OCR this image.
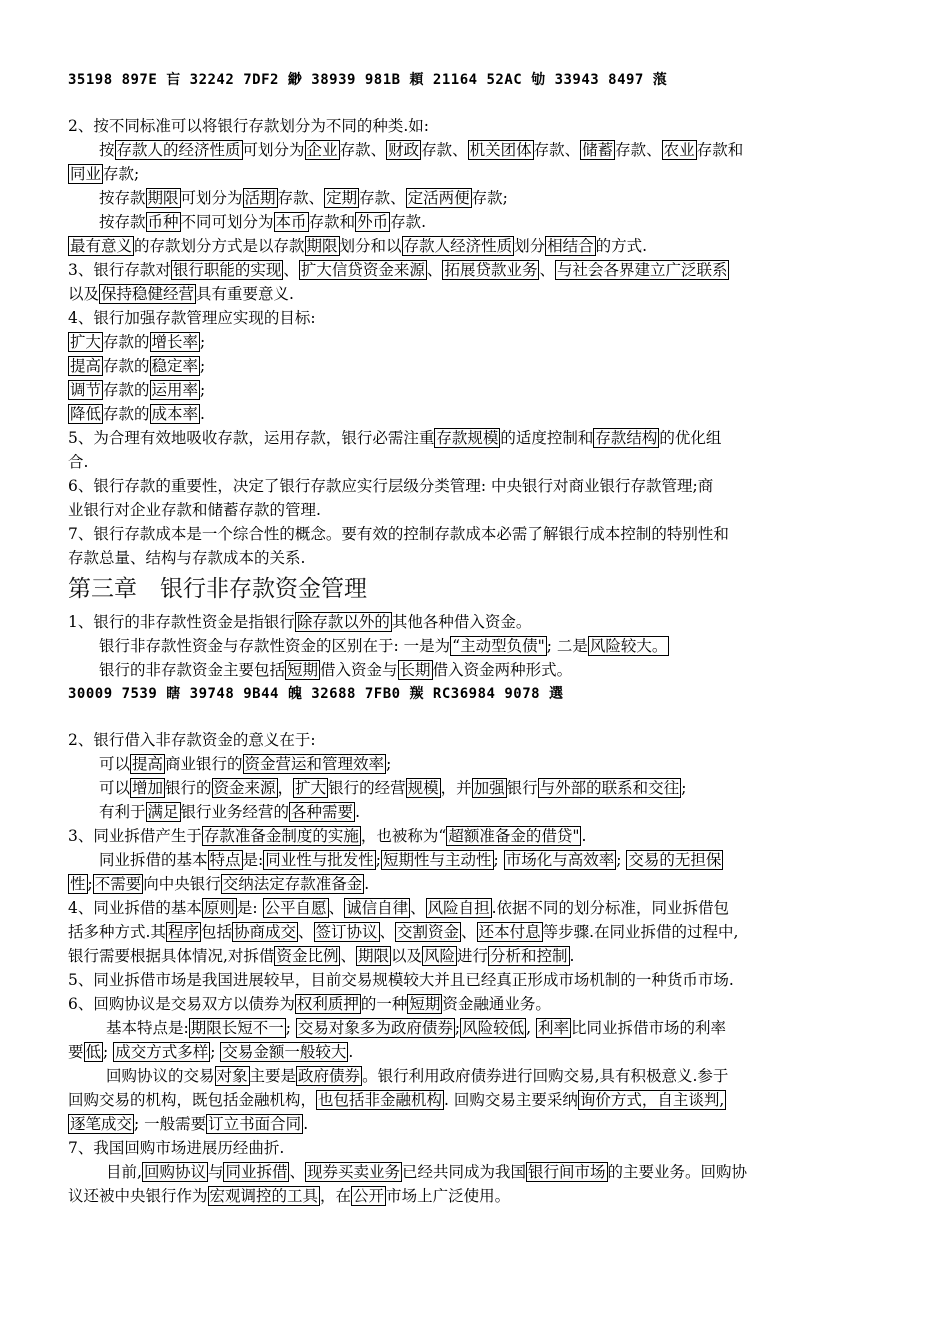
35198 897E 吂 32242 7DF2 緲 38939 981B 頛 21164 52AC 劬 33943 8497 蒗
2、按不同标准可以将银行存款划分为不同的种类.如:
按 存款人的经济性质 可划分为 企业 存款、 财政 存款、 机关团体 存款、 储蓄 存款、 农业 存款和
同业 存款;
按存款 期限 可划分为 活期 存款、 定期 存款、 定活两便 存款;
按存款 币种 不同可划分为 本币 存款和 外币 存款.
最有意义 的存款划分方式是以存款 期限 划分和以 存款人经济性质 划分 相结合 的方式.
3、银行存款对 银行职能的实现 、 扩大信贷资金来源 、 拓展贷款业务 、 与社会各界建立广泛联系
以及 保持稳健经营 具有重要意义.
4、银行加强存款管理应实现的目标:
扩大 存款的 增长率 ;
提高 存款的 稳定率 ;
调节 存款的 运用率 ;
降低 存款的 成本率 .
5、为合理有效地吸收存款，运用存款，银行必需注重 存款规模 的适度控制和 存款结构 的优化组
合.
6、银行存款的重要性，决定了银行存款应实行层级分类管理: 中央银行对商业银行存款管理;商
业银行对企业存款和储蓄存款的管理.
7、银行存款成本是一个综合性的概念。要有效的控制存款成本必需了解银行成本控制的特别性和
存款总量、结构与存款成本的关系.
第三章　银行非存款资金管理
1、银行的非存款性资金是指银行 除存款以外的 其他各种借入资金。
银行非存款性资金与存款性资金的区别在于: 一是为 “主动型负债" ; 二是 风险较大。
银行的非存款资金主要包括 短期 借入资金与 长期 借入资金两种形式。
30009 7539 瞎 39748 9B44 魄 32688 7FB0 羰 RC36984 9078 選
2、银行借入非存款资金的意义在于:
可以 提高 商业银行的 资金营运和管理效率 ;
可以 增加 银行的 资金来源 ， 扩大 银行的经营 规模 ，并 加强 银行 与外部的联系和交往 ;
有利于 满足 银行业务经营的 各种需要 .
3、同业拆借产生于 存款准备金制度的实施 ，也被称为“ 超额准备金的借贷" .
同业拆借的基本 特点 是: 同业性与批发性 ; 短期性与主动性 ; 市场化与高效率 ; 交易的无担保
性 ; 不需要 向中央银行 交纳法定存款准备金 .
4、同业拆借的基本 原则 是: 公平自愿 、 诚信自律 、 风险自担 .依据不同的划分标准，同业拆借包
括多种方式.其 程序 包括 协商成交 、 签订协议 、 交割资金 、 还本付息 等步骤.在同业拆借的过程中,
银行需要根据具体情况,对拆借 资金比例 、 期限 以及 风险 进行 分析和控制 .
5、同业拆借市场是我国进展较早，目前交易规模较大并且已经真正形成市场机制的一种货币市场.
6、回购协议是交易双方以债券为 权利质押 的一种 短期 资金融通业务。
基本特点是: 期限长短不一 ; 交易对象多为政府债券 ; 风险较低 , 利率 比同业拆借市场的利率
要 低 ; 成交方式多样 ; 交易金额一般较大 .
回购协议的交易 对象 主要是 政府债券 。银行利用政府债券进行回购交易,具有积极意义.参于
回购交易的机构，既包括金融机构， 也包括非金融机构 . 回购交易主要采纳 询价方式，自主谈判,
逐笔成交 ; 一般需要 订立书面合同 .
7、我国回购市场进展历经曲折.
目前, 回购协议 与 同业拆借 、 现券买卖业务 已经共同成为我国 银行间市场 的主要业务。回购协
议还被中央银行作为 宏观调控的工具 ，在 公开 市场上广泛使用。
